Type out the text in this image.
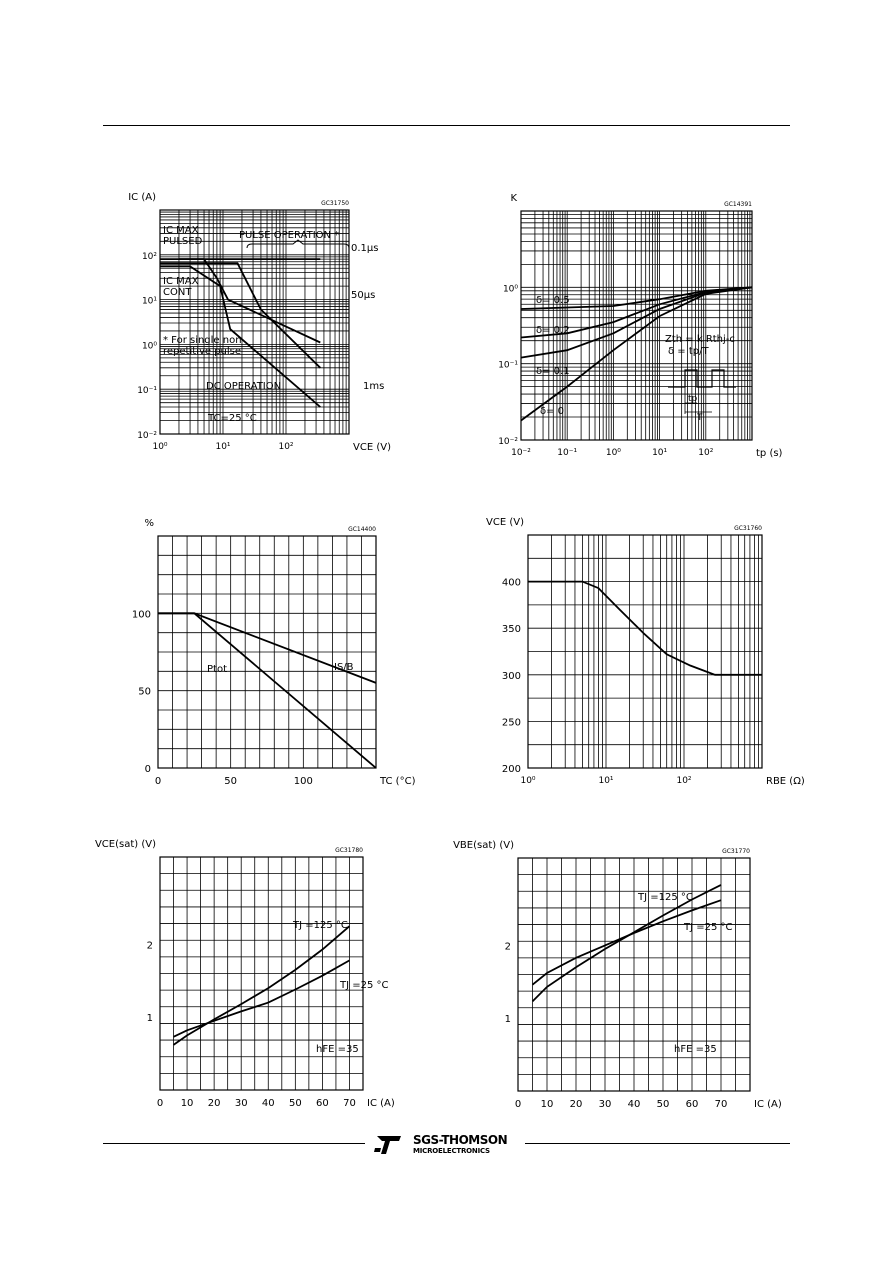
GC31750
10⁰	10¹	10²
10²
10¹
10⁰
10⁻¹
10⁻²
VCE (V)
IC (A)
GC14391
10⁻²	10⁻¹	10⁰	10¹	10²
10⁰
10⁻¹
10⁻²
tp (s)
K
GC14400
0	50	100
0
50
100
TC (°C)
%	GC31760
10⁰	10¹	10²
200
250
300
350
400
RBE (Ω)
VCE (V)
GC31780
0 10 20 30 40 50 60 70
1
2
IC (A)
VCE(sat) (V)
GC31770
0 10 20 30 40 50 60 70
1
2
IC (A)
VBE(sat) (V)
IC MAX
PULSED
PULSE OPERATION *
0.1µs
IC MAX
CONT	50µs
* For single non
repetitive pulse
DC OPERATION	1ms
TC=25 °C
δ= 0.5
δ= 0.2
δ= 0.1
δ= 0
Zth = k Rthj-c
δ = tp/T
tp
T
IS/B
Ptot
TJ =125 °C
TJ =25 °C
hFE =35
TJ =125 °C
TJ =25 °C
hFE =35
SGS-THOMSON
MICROELECTRONICS
